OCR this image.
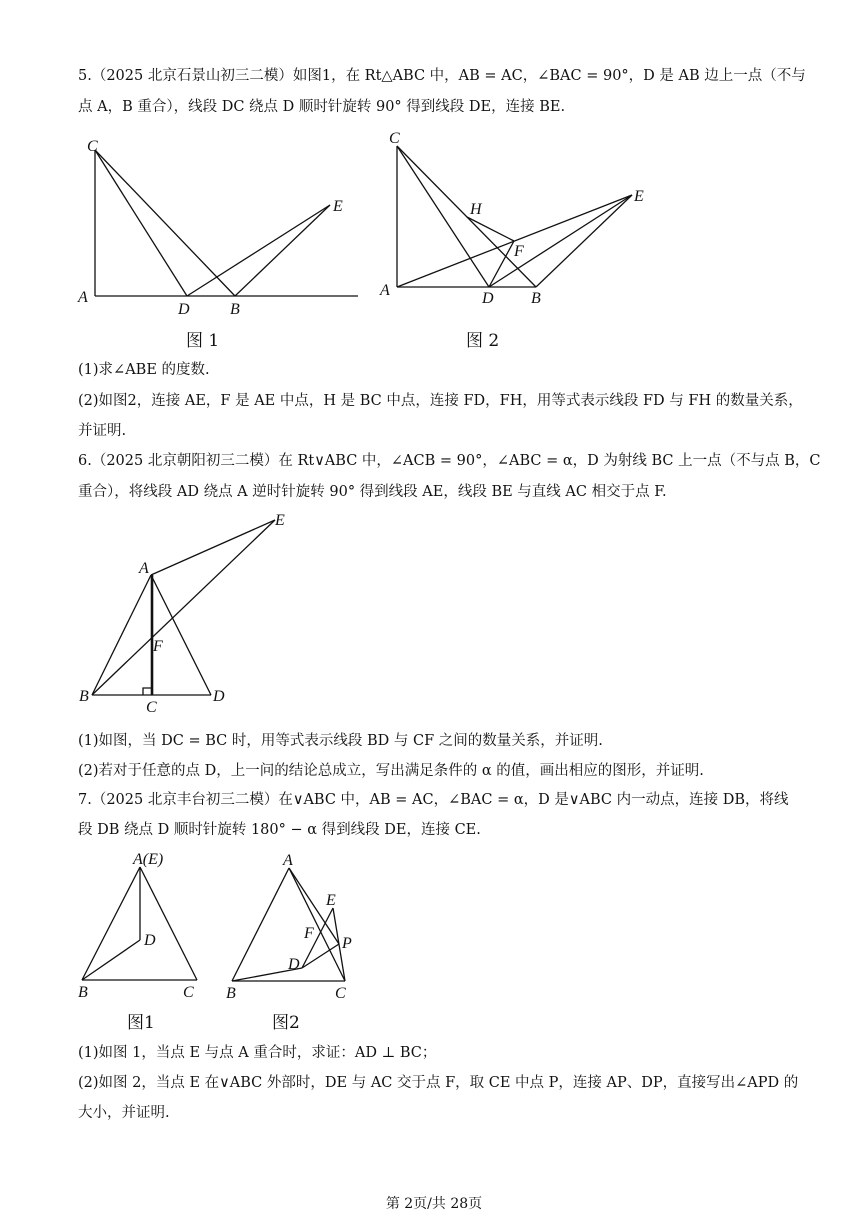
5.（2025 北京石景山初三二模）如图1，在 Rt△ABC 中，AB = AC，∠BAC = 90°，D 是 AB 边上一点（不与
点 A，B 重合），线段 DC 绕点 D 顺时针旋转 90° 得到线段 DE，连接 BE.
C
E
A
D	B
图 1
C
H
E
F
A	D B
图 2
(1)求∠ABE 的度数.
(2)如图2，连接 AE，F 是 AE 中点，H 是 BC 中点，连接 FD，FH，用等式表示线段 FD 与 FH 的数量关系，
并证明.
6.（2025 北京朝阳初三二模）在 Rt∨ABC 中，∠ACB = 90°，∠ABC = α，D 为射线 BC 上一点（不与点 B，C
重合），将线段 AD 绕点 A 逆时针旋转 90° 得到线段 AE，线段 BE 与直线 AC 相交于点 F.
E
A
F
B
C
D
(1)如图，当 DC = BC 时，用等式表示线段 BD 与 CF 之间的数量关系，并证明.
(2)若对于任意的点 D，上一问的结论总成立，写出满足条件的 α 的值，画出相应的图形，并证明.
7.（2025 北京丰台初三二模）在∨ABC 中，AB = AC，∠BAC = α，D 是∨ABC 内一动点，连接 DB，将线
段 DB 绕点 D 顺时针旋转 180° − α 得到线段 DE，连接 CE.
A(E)
D
B	C
图1
A
E
F
P
D
B	C
图2
(1)如图 1，当点 E 与点 A 重合时，求证：AD ⊥ BC；
(2)如图 2，当点 E 在∨ABC 外部时，DE 与 AC 交于点 F，取 CE 中点 P，连接 AP、DP，直接写出∠APD 的
大小，并证明.
第 2页/共 28页
